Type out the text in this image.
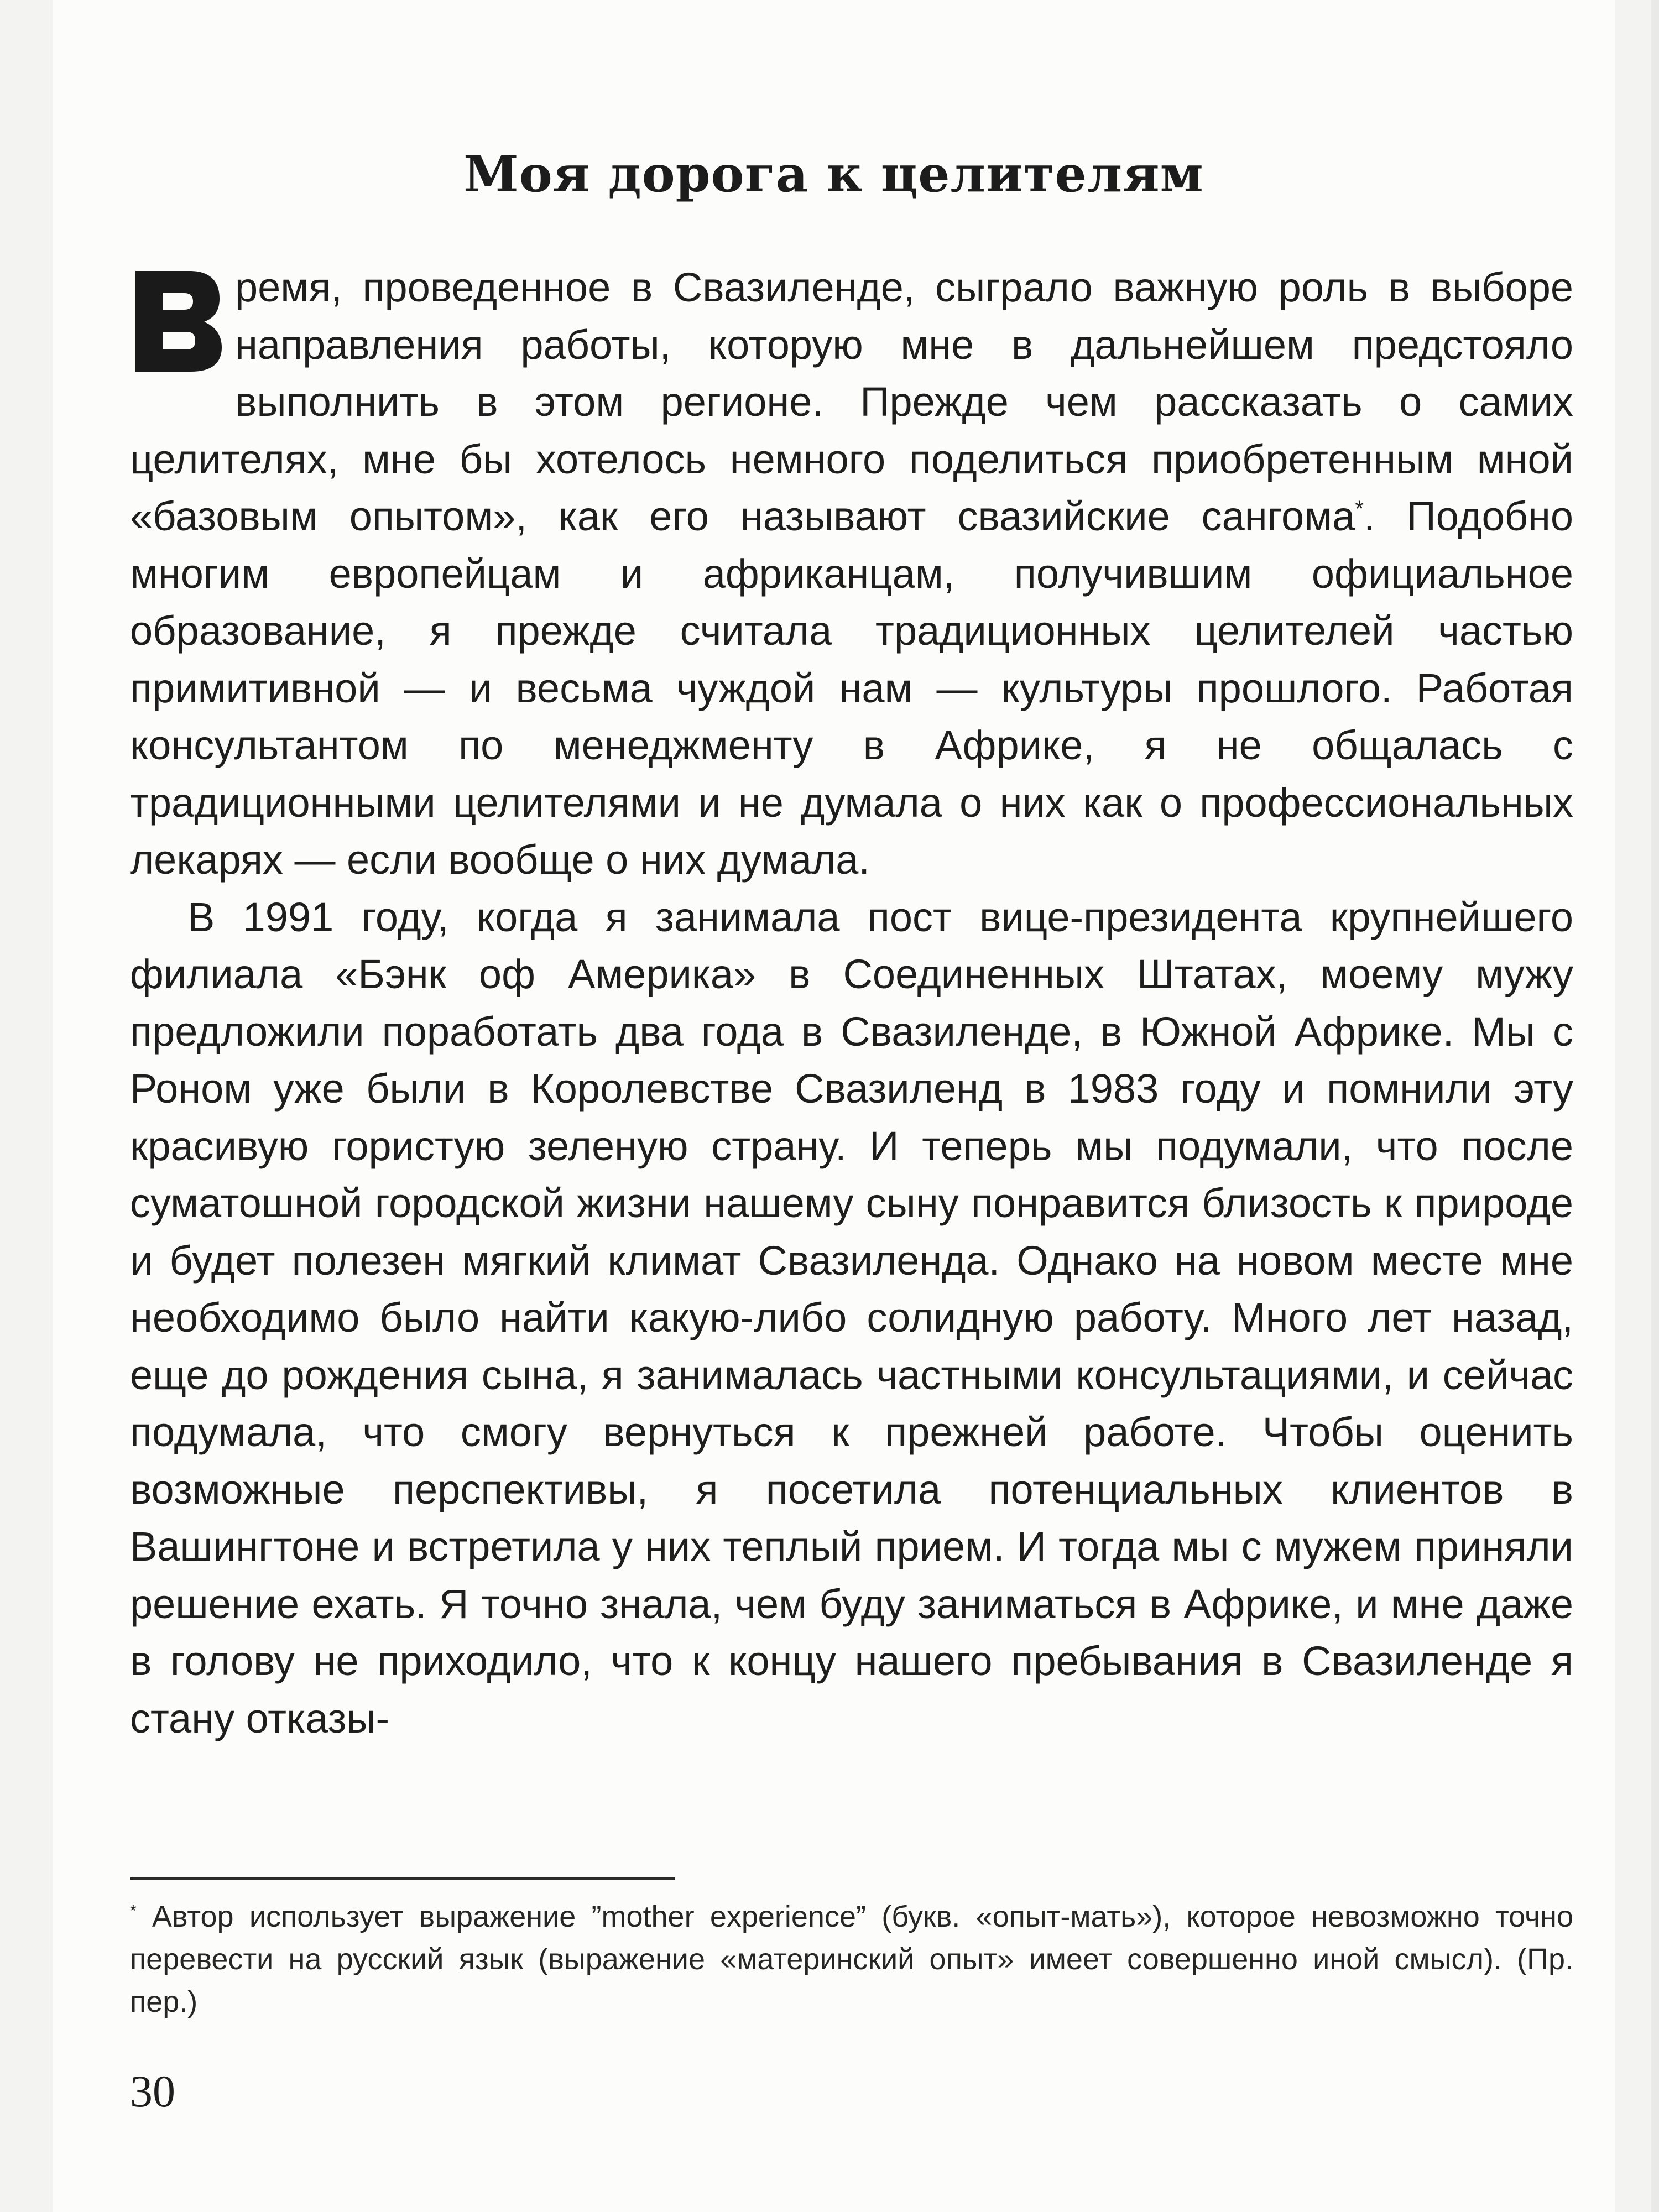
Моя дорога к целителям

В
ремя, проведенное в Свазиленде, сыграло важную роль в выборе направления работы, которую мне в дальнейшем предстояло выполнить в этом регионе. Прежде чем рассказать о самих целителях, мне бы хотелось немного поделиться приобретенным мной «базовым опытом», как его называют свазийские сангома*. Подобно многим европейцам и африканцам, получившим официальное образование, я прежде считала традиционных целителей частью примитивной — и весьма чуждой нам — культуры прошлого. Работая консультантом по менеджменту в Африке, я не общалась с традиционными целителями и не думала о них как о профессиональных лекарях — если вообще о них думала.

В 1991 году, когда я занимала пост вице-президента крупнейшего филиала «Бэнк оф Америка» в Соединенных Штатах, моему мужу предложили поработать два года в Свазиленде, в Южной Африке. Мы с Роном уже были в Королевстве Свазиленд в 1983 году и помнили эту красивую гористую зеленую страну. И теперь мы подумали, что после суматошной городской жизни нашему сыну понравится близость к природе и будет полезен мягкий климат Свазиленда. Однако на новом месте мне необходимо было найти какую-либо солидную работу. Много лет назад, еще до рождения сына, я занималась частными консультациями, и сейчас подумала, что смогу вернуться к прежней работе. Чтобы оценить возможные перспективы, я посетила потенциальных клиентов в Вашингтоне и встретила у них теплый прием. И тогда мы с мужем приняли решение ехать. Я точно знала, чем буду заниматься в Африке, и мне даже в голову не приходило, что к концу нашего пребывания в Свазиленде я стану отказы-

* Автор использует выражение ”mother experience” (букв. «опыт-мать»), которое невозможно точно перевести на русский язык (выражение «материнский опыт» имеет совершенно иной смысл). (Пр. пер.)

30
